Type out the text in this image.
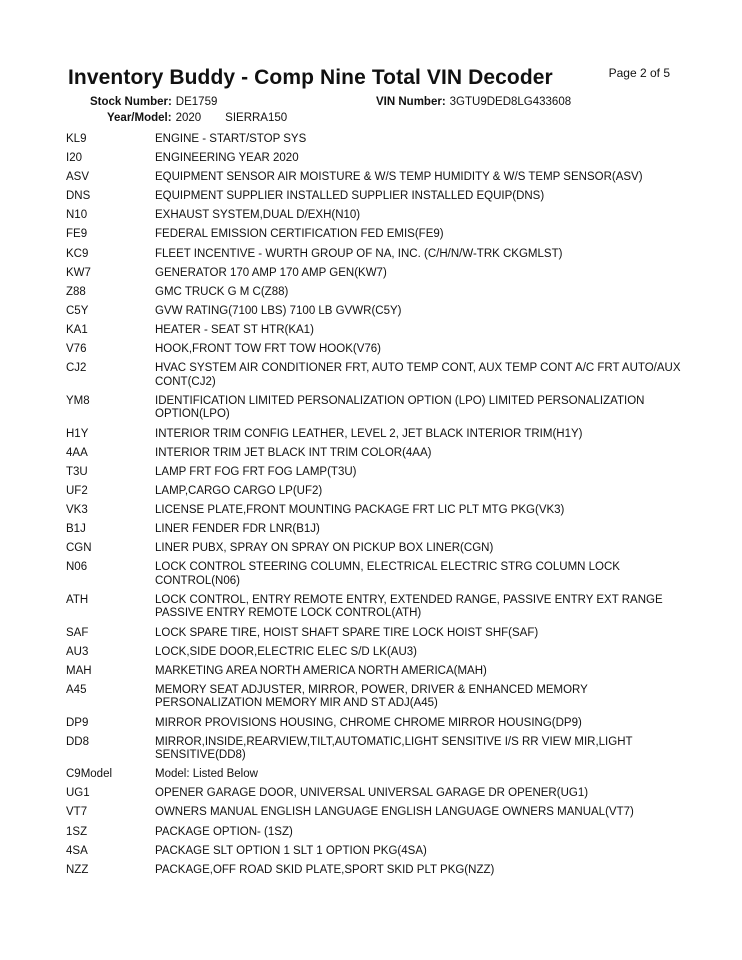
Page 2 of 5
Inventory Buddy - Comp Nine Total VIN Decoder
Stock Number: DE1759	VIN Number: 3GTU9DED8LG433608
Year/Model: 2020 SIERRA150
KL9	ENGINE - START/STOP SYS
I20	ENGINEERING YEAR 2020
ASV	EQUIPMENT SENSOR AIR MOISTURE & W/S TEMP HUMIDITY & W/S TEMP SENSOR(ASV)
DNS	EQUIPMENT SUPPLIER INSTALLED SUPPLIER INSTALLED EQUIP(DNS)
N10	EXHAUST SYSTEM,DUAL D/EXH(N10)
FE9	FEDERAL EMISSION CERTIFICATION FED EMIS(FE9)
KC9	FLEET INCENTIVE - WURTH GROUP OF NA, INC. (C/H/N/W-TRK CKGMLST)
KW7	GENERATOR 170 AMP 170 AMP GEN(KW7)
Z88	GMC TRUCK G M C(Z88)
C5Y	GVW RATING(7100 LBS) 7100 LB GVWR(C5Y)
KA1	HEATER - SEAT ST HTR(KA1)
V76	HOOK,FRONT TOW FRT TOW HOOK(V76)
CJ2	HVAC SYSTEM AIR CONDITIONER FRT, AUTO TEMP CONT, AUX TEMP CONT A/C FRT AUTO/AUX CONT(CJ2)
YM8	IDENTIFICATION LIMITED PERSONALIZATION OPTION (LPO) LIMITED PERSONALIZATION OPTION(LPO)
H1Y	INTERIOR TRIM CONFIG LEATHER, LEVEL 2, JET BLACK INTERIOR TRIM(H1Y)
4AA	INTERIOR TRIM JET BLACK INT TRIM COLOR(4AA)
T3U	LAMP FRT FOG FRT FOG LAMP(T3U)
UF2	LAMP,CARGO CARGO LP(UF2)
VK3	LICENSE PLATE,FRONT MOUNTING PACKAGE FRT LIC PLT MTG PKG(VK3)
B1J	LINER FENDER FDR LNR(B1J)
CGN	LINER PUBX, SPRAY ON SPRAY ON PICKUP BOX LINER(CGN)
N06	LOCK CONTROL STEERING COLUMN, ELECTRICAL ELECTRIC STRG COLUMN LOCK CONTROL(N06)
ATH	LOCK CONTROL, ENTRY REMOTE ENTRY, EXTENDED RANGE, PASSIVE ENTRY EXT RANGE PASSIVE ENTRY REMOTE LOCK CONTROL(ATH)
SAF	LOCK SPARE TIRE, HOIST SHAFT SPARE TIRE LOCK HOIST SHF(SAF)
AU3	LOCK,SIDE DOOR,ELECTRIC ELEC S/D LK(AU3)
MAH	MARKETING AREA NORTH AMERICA NORTH AMERICA(MAH)
A45	MEMORY SEAT ADJUSTER, MIRROR, POWER, DRIVER & ENHANCED MEMORY PERSONALIZATION MEMORY MIR AND ST ADJ(A45)
DP9	MIRROR PROVISIONS HOUSING, CHROME CHROME MIRROR HOUSING(DP9)
DD8	MIRROR,INSIDE,REARVIEW,TILT,AUTOMATIC,LIGHT SENSITIVE I/S RR VIEW MIR,LIGHT SENSITIVE(DD8)
C9Model	Model: Listed Below
UG1	OPENER GARAGE DOOR, UNIVERSAL UNIVERSAL GARAGE DR OPENER(UG1)
VT7	OWNERS MANUAL ENGLISH LANGUAGE ENGLISH LANGUAGE OWNERS MANUAL(VT7)
1SZ	PACKAGE OPTION- (1SZ)
4SA	PACKAGE SLT OPTION 1 SLT 1 OPTION PKG(4SA)
NZZ	PACKAGE,OFF ROAD SKID PLATE,SPORT SKID PLT PKG(NZZ)
